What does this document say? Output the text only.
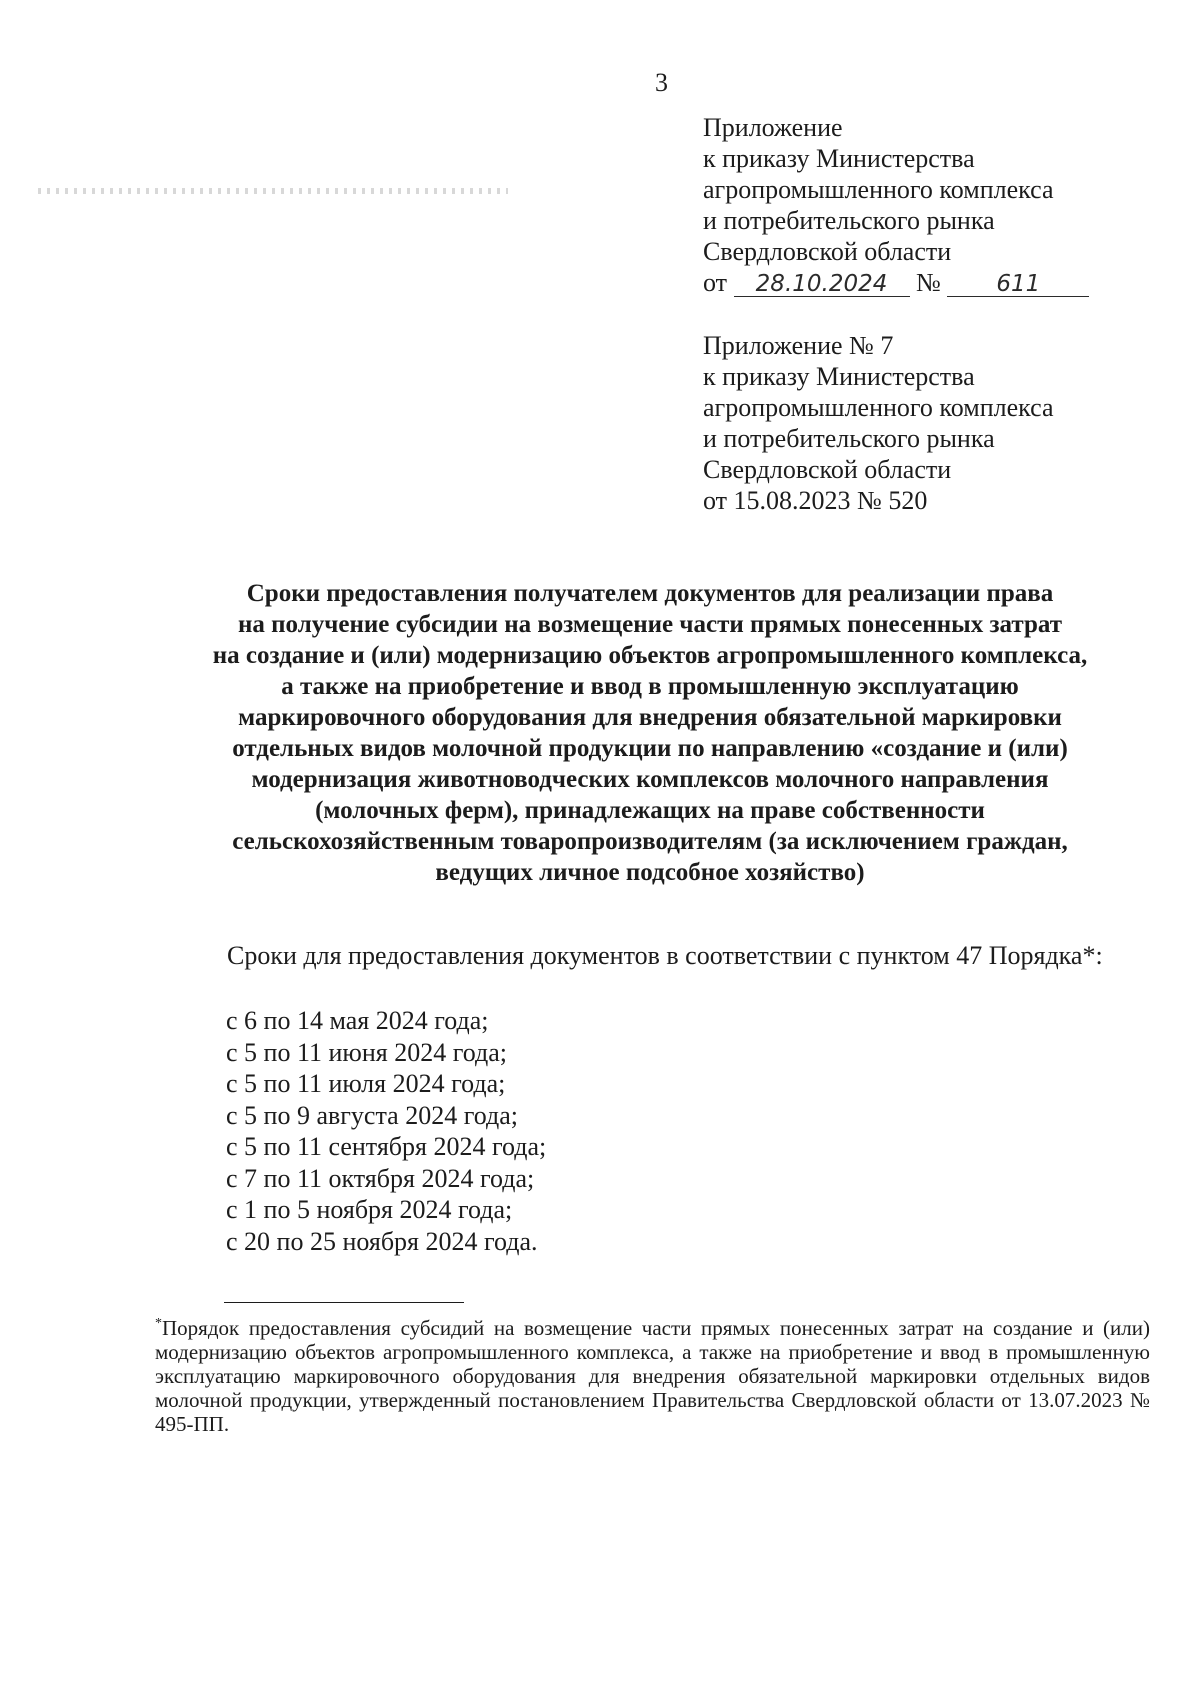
3
Приложение
к приказу Министерства
агропромышленного комплекса
и потребительского рынка
Свердловской области
от 28.10.2024 № 611
Приложение № 7
к приказу Министерства
агропромышленного комплекса
и потребительского рынка
Свердловской области
от 15.08.2023 № 520
Сроки предоставления получателем документов для реализации права
на получение субсидии на возмещение части прямых понесенных затрат
на создание и (или) модернизацию объектов агропромышленного комплекса,
а также на приобретение и ввод в промышленную эксплуатацию
маркировочного оборудования для внедрения обязательной маркировки
отдельных видов молочной продукции по направлению «создание и (или)
модернизация животноводческих комплексов молочного направления
(молочных ферм), принадлежащих на праве собственности
сельскохозяйственным товаропроизводителям (за исключением граждан,
ведущих личное подсобное хозяйство)
Сроки для предоставления документов в соответствии с пунктом 47 Порядка*:
с 6 по 14 мая 2024 года;
с 5 по 11 июня 2024 года;
с 5 по 11 июля 2024 года;
с 5 по 9 августа 2024 года;
с 5 по 11 сентября 2024 года;
с 7 по 11 октября 2024 года;
с 1 по 5 ноября 2024 года;
с 20 по 25 ноября 2024 года.
*Порядок предоставления субсидий на возмещение части прямых понесенных затрат на создание и (или) модернизацию объектов агропромышленного комплекса, а также на приобретение и ввод в промышленную эксплуатацию маркировочного оборудования для внедрения обязательной маркировки отдельных видов молочной продукции, утвержденный постановлением Правительства Свердловской области от 13.07.2023 № 495-ПП.
